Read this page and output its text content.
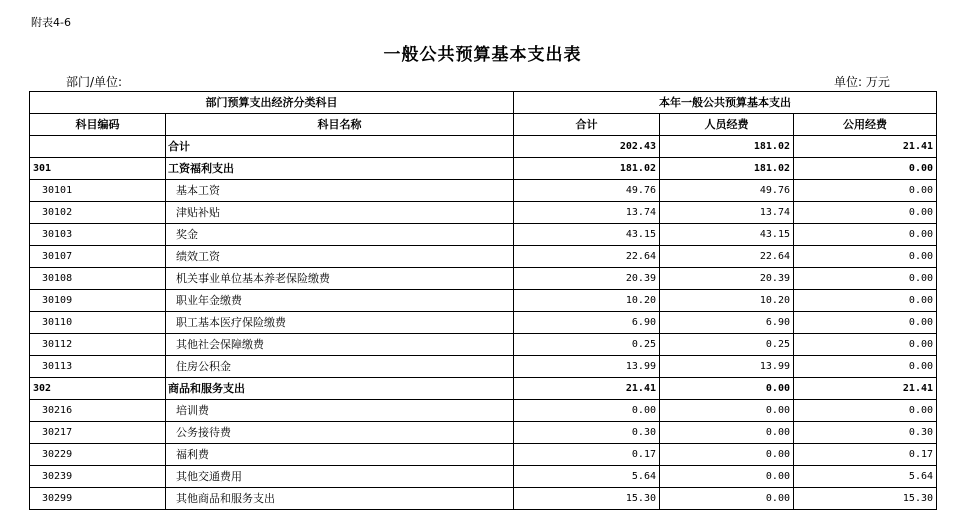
附表4-6
一般公共预算基本支出表
部门/单位:	单位: 万元
部门预算支出经济分类科目		本年一般公共预算基本支出		
科目编码	科目名称	合计	人员经费	公用经费
	合计	202.43	181.02	21.41
301	工资福利支出	181.02	181.02	0.00
30101	基本工资	49.76	49.76	0.00
30102	津贴补贴	13.74	13.74	0.00
30103	奖金	43.15	43.15	0.00
30107	绩效工资	22.64	22.64	0.00
30108	机关事业单位基本养老保险缴费	20.39	20.39	0.00
30109	职业年金缴费	10.20	10.20	0.00
30110	职工基本医疗保险缴费	6.90	6.90	0.00
30112	其他社会保障缴费	0.25	0.25	0.00
30113	住房公积金	13.99	13.99	0.00
302	商品和服务支出	21.41	0.00	21.41
30216	培训费	0.00	0.00	0.00
30217	公务接待费	0.30	0.00	0.30
30229	福利费	0.17	0.00	0.17
30239	其他交通费用	5.64	0.00	5.64
30299	其他商品和服务支出	15.30	0.00	15.30
